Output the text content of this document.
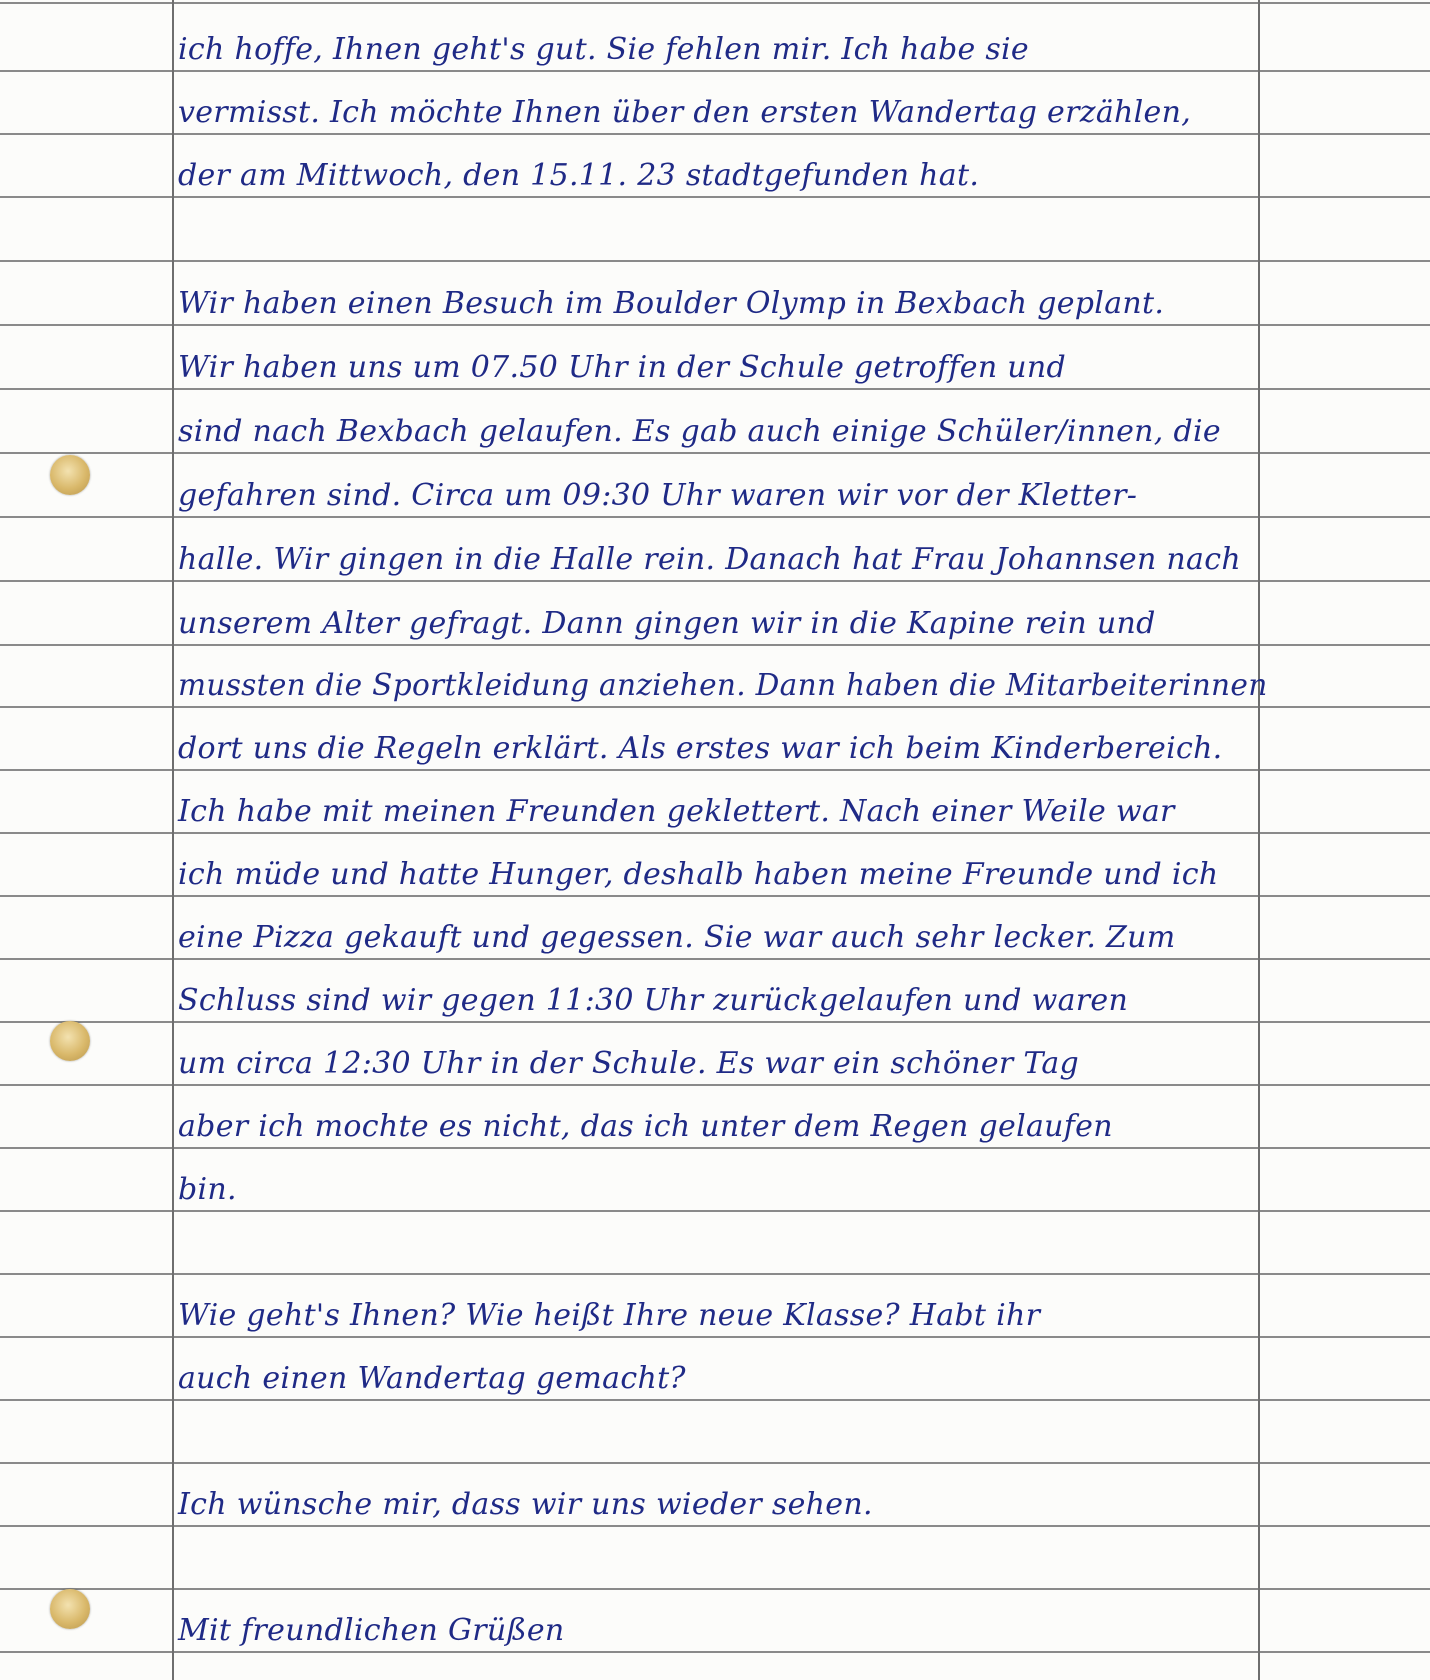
ich hoffe, Ihnen geht's gut. Sie fehlen mir. Ich habe sie
vermisst. Ich möchte Ihnen über den ersten Wandertag erzählen,
der am Mittwoch, den 15.11. 23 stadtgefunden hat.
Wir haben einen Besuch im Boulder Olymp in Bexbach geplant.
Wir haben uns um 07.50 Uhr in der Schule getroffen und
sind nach Bexbach gelaufen. Es gab auch einige Schüler/innen, die
gefahren sind. Circa um 09:30 Uhr waren wir vor der Kletter-
halle. Wir gingen in die Halle rein. Danach hat Frau Johannsen nach
unserem Alter gefragt. Dann gingen wir in die Kapine rein und
mussten die Sportkleidung anziehen. Dann haben die Mitarbeiterinnen
dort uns die Regeln erklärt. Als erstes war ich beim Kinderbereich.
Ich habe mit meinen Freunden geklettert. Nach einer Weile war
ich müde und hatte Hunger, deshalb haben meine Freunde und ich
eine Pizza gekauft und gegessen. Sie war auch sehr lecker. Zum
Schluss sind wir gegen 11:30 Uhr zurückgelaufen und waren
um circa 12:30 Uhr in der Schule. Es war ein schöner Tag
aber ich mochte es nicht, das ich unter dem Regen gelaufen
bin.
Wie geht's Ihnen? Wie heißt Ihre neue Klasse? Habt ihr
auch einen Wandertag gemacht?
Ich wünsche mir, dass wir uns wieder sehen.
Mit freundlichen Grüßen
